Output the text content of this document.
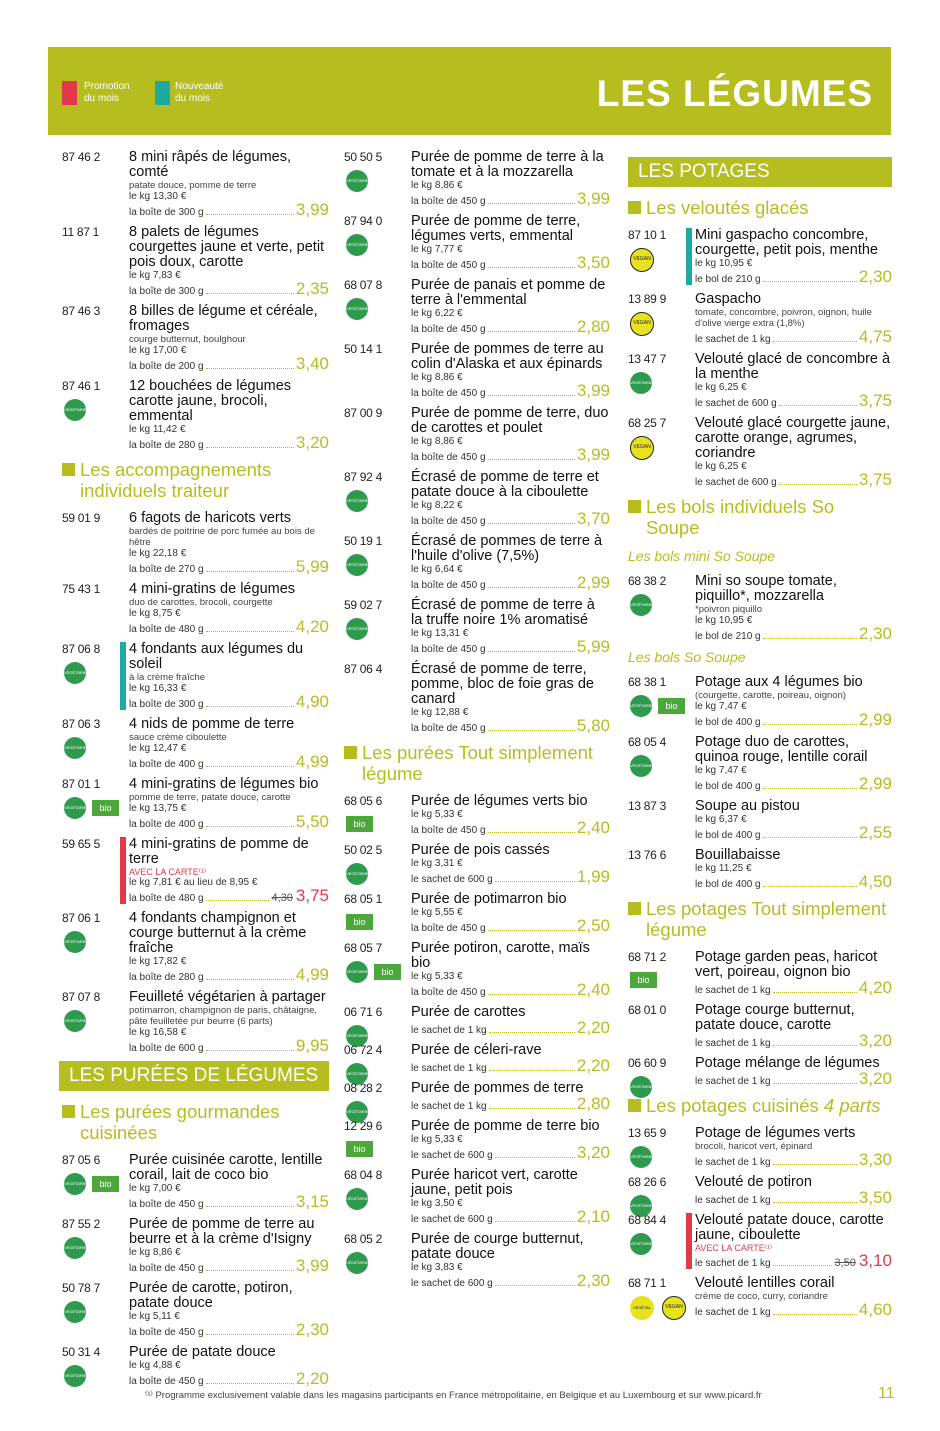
Promotion
du mois
Nouveauté
du mois	LES LÉGUMES
87 46 2 8 mini râpés de légumes, comté
patate douce, pomme de terre
le kg 13,30 €
la boîte de 300 g	3,99
11 87 1 8 palets de légumes courgettes jaune et verte, petit pois doux, carotte
le kg 7,83 €
la boîte de 300 g	2,35
87 46 3 8 billes de légume et céréale, fromages
courge butternut, boulghour
le kg 17,00 €
la boîte de 200 g	3,40
87 46 1
VÉGÉTARIEN
12 bouchées de légumes carotte jaune, brocoli, emmental
le kg 11,42 €
la boîte de 280 g	3,20
Les accompagnements individuels traiteur
59 01 9 6 fagots de haricots verts
bardés de poitrine de porc fumée au bois de hêtre
le kg 22,18 €
la boîte de 270 g	5,99
75 43 1 4 mini-gratins de légumes
duo de carottes, brocoli, courgette
le kg 8,75 €
la boîte de 480 g	4,20
87 06 8
VÉGÉTARIEN
4 fondants aux légumes du soleil
à la crème fraîche
le kg 16,33 €
la boîte de 300 g	4,90
87 06 3
VÉGÉTARIEN
4 nids de pomme de terre
sauce crème ciboulette
le kg 12,47 €
la boîte de 400 g	4,99
87 01 1
VÉGÉTARIEN	bio
4 mini-gratins de légumes bio
pomme de terre, patate douce, carotte
le kg 13,75 €
la boîte de 400 g	5,50
59 65 5 4 mini-gratins de pomme de terre
AVEC LA CARTE⁽¹⁾
le kg 7,81 € au lieu de 8,95 €
la boîte de 480 g	4,30 3,75
87 06 1
VÉGÉTARIEN
4 fondants champignon et courge butternut à la crème fraîche
le kg 17,82 €
la boîte de 280 g	4,99
87 07 8
VÉGÉTARIEN
Feuilleté végétarien à partager
potimarron, champignon de paris, châtaigne, pâte feuilletée pur beurre (6 parts)
le kg 16,58 €
la boîte de 600 g	9,95
LES PURÉES DE LÉGUMES
Les purées gourmandes cuisinées
87 05 6
VÉGÉTARIEN	bio
Purée cuisinée carotte, lentille corail, lait de coco bio
le kg 7,00 €
la boîte de 450 g	3,15
87 55 2
VÉGÉTARIEN
Purée de pomme de terre au beurre et à la crème d'Isigny
le kg 8,86 €
la boîte de 450 g	3,99
50 78 7
VÉGÉTARIEN
Purée de carotte, potiron, patate douce
le kg 5,11 €
la boîte de 450 g	2,30
50 31 4
VÉGÉTARIEN
Purée de patate douce
le kg 4,88 €
la boîte de 450 g	2,20
50 50 5
VÉGÉTARIEN
Purée de pomme de terre à la tomate et à la mozzarella
le kg 8,86 €
la boîte de 450 g	3,99
87 94 0
VÉGÉTARIEN
Purée de pomme de terre, légumes verts, emmental
le kg 7,77 €
la boîte de 450 g	3,50
68 07 8
VÉGÉTARIEN
Purée de panais et pomme de terre à l'emmental
le kg 6,22 €
la boîte de 450 g	2,80
50 14 1 Purée de pommes de terre au colin d'Alaska et aux épinards
le kg 8,86 €
la boîte de 450 g	3,99
87 00 9 Purée de pomme de terre, duo de carottes et poulet
le kg 8,86 €
la boîte de 450 g	3,99
87 92 4
VÉGÉTARIEN
Écrasé de pomme de terre et patate douce à la ciboulette
le kg 8,22 €
la boîte de 450 g	3,70
50 19 1
VÉGÉTARIEN
Écrasé de pommes de terre à l'huile d'olive (7,5%)
le kg 6,64 €
la boîte de 450 g	2,99
59 02 7
VÉGÉTARIEN
Écrasé de pomme de terre à la truffe noire 1% aromatisé
le kg 13,31 €
la boîte de 450 g	5,99
87 06 4 Écrasé de pomme de terre, pomme, bloc de foie gras de canard
le kg 12,88 €
la boîte de 450 g	5,80
Les purées Tout simplement légume
68 05 6
bio
Purée de légumes verts bio
le kg 5,33 €
la boîte de 450 g	2,40
50 02 5
VÉGÉTARIEN
Purée de pois cassés
le kg 3,31 €
le sachet de 600 g	1,99
68 05 1
bio
Purée de potimarron bio
le kg 5,55 €
la boîte de 450 g	2,50
68 05 7
VÉGÉTARIEN	bio
Purée potiron, carotte, maïs bio
le kg 5,33 €
la boîte de 450 g	2,40
06 71 6
VÉGÉTARIEN
Purée de carottes
le sachet de 1 kg	2,20
06 72 4
VÉGÉTARIEN
Purée de céleri-rave
le sachet de 1 kg	2,20
08 28 2
VÉGÉTARIEN
Purée de pommes de terre
le sachet de 1 kg	2,80
12 29 6
bio
Purée de pomme de terre bio
le kg 5,33 €
le sachet de 600 g	3,20
68 04 8
VÉGÉTARIEN
Purée haricot vert, carotte jaune, petit pois
le kg 3,50 €
le sachet de 600 g	2,10
68 05 2
VÉGÉTARIEN
Purée de courge butternut, patate douce
le kg 3,83 €
le sachet de 600 g	2,30
LES POTAGES
Les veloutés glacés
87 10 1
VEGAN
Mini gaspacho concombre, courgette, petit pois, menthe
le kg 10,95 €
le bol de 210 g	2,30
13 89 9
VEGAN
Gaspacho
tomate, concombre, poivron, oignon, huile d'olive vierge extra (1,8%)
le sachet de 1 kg	4,75
13 47 7
VÉGÉTARIEN
Velouté glacé de concombre à la menthe
le kg 6,25 €
le sachet de 600 g	3,75
68 25 7
VEGAN
Velouté glacé courgette jaune, carotte orange, agrumes, coriandre
le kg 6,25 €
le sachet de 600 g	3,75
Les bols individuels So Soupe
Les bols mini So Soupe
68 38 2
VÉGÉTARIEN
Mini so soupe tomate, piquillo*, mozzarella
*poivron piquillo
le kg 10,95 €
le bol de 210 g	2,30
Les bols So Soupe
68 38 1
VÉGÉTARIEN	bio
Potage aux 4 légumes bio
(courgette, carotte, poireau, oignon)
le kg 7,47 €
le bol de 400 g	2,99
68 05 4
VÉGÉTARIEN
Potage duo de carottes, quinoa rouge, lentille corail
le kg 7,47 €
le bol de 400 g	2,99
13 87 3 Soupe au pistou
le kg 6,37 €
le bol de 400 g	2,55
13 76 6 Bouillabaisse
le kg 11,25 €
le bol de 400 g	4,50
Les potages Tout simplement légume
68 71 2
bio
Potage garden peas, haricot vert, poireau, oignon bio
le sachet de 1 kg	4,20
68 01 0 Potage courge butternut, patate douce, carotte
le sachet de 1 kg	3,20
06 60 9
VÉGÉTARIEN
Potage mélange de légumes
le sachet de 1 kg	3,20
Les potages cuisinés 4 parts
13 65 9
VÉGÉTARIEN
Potage de légumes verts
brocoli, haricot vert, épinard
le sachet de 1 kg	3,30
68 26 6
VÉGÉTARIEN
Velouté de potiron
le sachet de 1 kg	3,50
68 84 4
VÉGÉTARIEN
Velouté patate douce, carotte jaune, ciboulette
AVEC LA CARTE⁽¹⁾
le sachet de 1 kg	3,50 3,10
68 71 1
VÉGÉTAL	VEGAN
Velouté lentilles corail
crème de coco, curry, coriandre
le sachet de 1 kg	4,60
⁽¹⁾ Programme exclusivement valable dans les magasins participants en France métropolitaine, en Belgique et au Luxembourg et sur www.picard.fr	11
